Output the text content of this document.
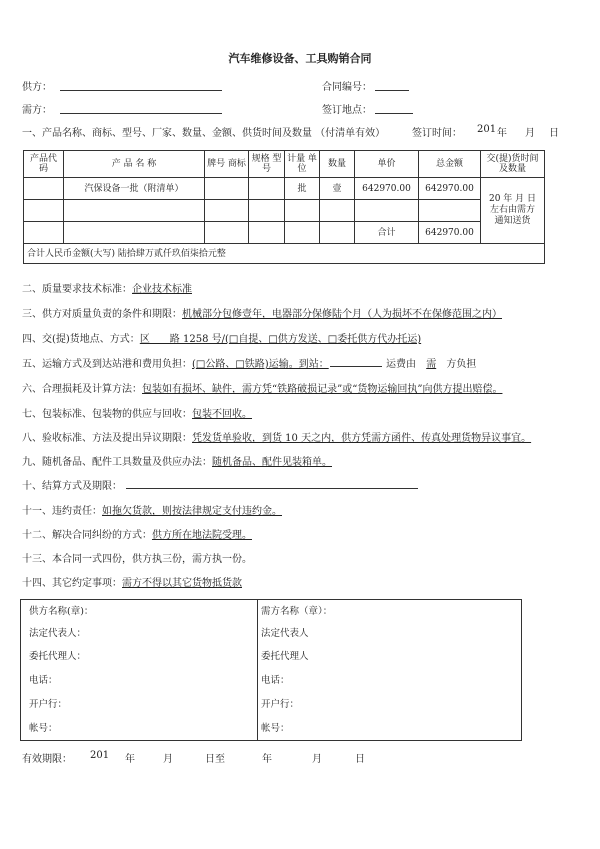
汽车维修设备、工具购销合同
供方：	合同编号：
需方：	签订地点：
一、产品名称、商标、型号、厂家、数量、金额、供货时间及数量 （付清单有效）	签订时间： 201 年 月 日
产品代码	产 品 名 称	牌号 商标	规格 型号	计量 单位	数量	单价	总金额	交(提)货时间及数量
	汽保设备一批（附清单）			批	壹	642970.00	642970.00	20 年 月 日左右由需方通知送货

						合计	642970.00	
合计人民币金额(大写) 陆拾肆万贰仟玖佰柒拾元整								
二、质量要求技术标准：企业技术标准
三、供方对质量负责的条件和期限：机械部分包修壹年，电器部分保修陆个月（人为损坏不在保修范围之内）
四、交(提)货地点、方式：区　　路 1258 号/(□自提、□供方发送、□委托供方代办托运)
五、运输方式及到达站港和费用负担：(□公路、□铁路)运输。到站：	运费由 需 方负担
六、合理损耗及计算方法：包装如有损坏、缺件，需方凭“铁路破损记录”或“货物运输回执”向供方提出赔偿。
七、包装标准、包装物的供应与回收：包装不回收。
八、验收标准、方法及提出异议期限：凭发货单验收，到货 10 天之内，供方凭需方函件、传真处理货物异议事宜。
九、随机备品、配件工具数量及供应办法：随机备品、配件见装箱单。
十、结算方式及期限：
十一、违约责任：如拖欠货款，则按法律规定支付违约金。
十二、解决合同纠纷的方式：供方所在地法院受理。
十三、本合同一式四份，供方执三份，需方执一份。
十四、其它约定事项：需方不得以其它货物抵货款
供方名称(章)：	需方名称（章）：
法定代表人：	法定代表人
委托代理人：	委托代理人
电话：	电话：
开户行：	开户行：
帐号：	帐号：
有效期限： 201 年	月	日至	年	月	日
